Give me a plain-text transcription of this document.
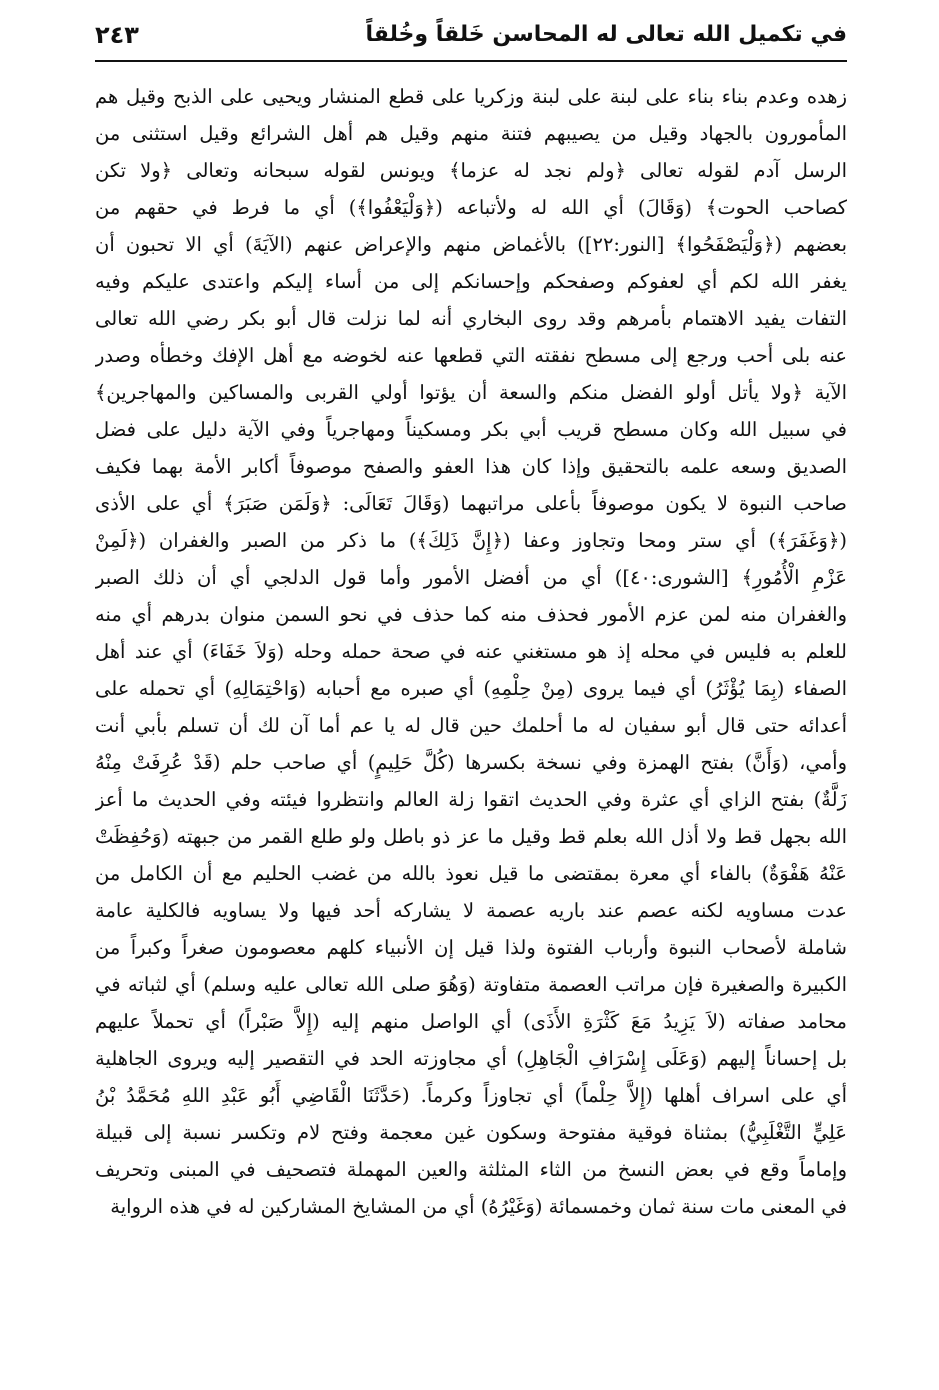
في تكميل الله تعالى له المحاسن خَلقاً وخُلقاً
٢٤٣
زهده وعدم بناء بناء على لبنة على لبنة وزكريا على قطع المنشار ويحيى على الذبح وقيل هم
المأمورون بالجهاد وقيل من يصيبهم فتنة منهم وقيل هم أهل الشرائع وقيل استثنى من
الرسل آدم لقوله تعالى ﴿ولم نجد له عزما﴾ ويونس لقوله سبحانه وتعالى ﴿ولا تكن
كصاحب الحوت﴾ (وَقَالَ) أي الله له ولأتباعه (﴿وَلْيَعْفُوا﴾) أي ما فرط في حقهم من
بعضهم (﴿وَلْيَصْفَحُوا﴾ [النور:٢٢]) بالأغماض منهم والإعراض عنهم (الآيَةَ) أي الا تحبون أن
يغفر الله لكم أي لعفوكم وصفحكم وإحسانكم إلى من أساء إليكم واعتدى عليكم وفيه
التفات يفيد الاهتمام بأمرهم وقد روى البخاري أنه لما نزلت قال أبو بكر رضي الله تعالى
عنه بلى أحب ورجع إلى مسطح نفقته التي قطعها عنه لخوضه مع أهل الإفك وخطأه وصدر
الآية ﴿ولا يأتل أولو الفضل منكم والسعة أن يؤتوا أولي القربى والمساكين والمهاجرين﴾
في سبيل الله وكان مسطح قريب أبي بكر ومسكيناً ومهاجرياً وفي الآية دليل على فضل
الصديق وسعه علمه بالتحقيق وإذا كان هذا العفو والصفح موصوفاً أكابر الأمة بهما فكيف
صاحب النبوة لا يكون موصوفاً بأعلى مراتبهما (وَقَالَ تَعَالَى: ﴿وَلَمَن صَبَرَ﴾ أي على الأذى
(﴿وَغَفَرَ﴾) أي ستر ومحا وتجاوز وعفا (﴿إِنَّ ذَلِكَ﴾) ما ذكر من الصبر والغفران (﴿لَمِنْ
عَزْمِ الْأُمُورِ﴾ [الشورى:٤٠]) أي من أفضل الأمور وأما قول الدلجي أي أن ذلك الصبر
والغفران منه لمن عزم الأمور فحذف منه كما حذف في نحو السمن منوان بدرهم أي منه
للعلم به فليس في محله إذ هو مستغني عنه في صحة حمله وحله (وَلاَ خَفَاءَ) أي عند أهل
الصفاء (بِمَا يُؤْثَرُ) أي فيما يروى (مِنْ حِلْمِهِ) أي صبره مع أحبابه (وَاحْتِمَالِهِ) أي تحمله على
أعدائه حتى قال أبو سفيان له ما أحلمك حين قال له يا عم أما آن لك أن تسلم بأبي أنت
وأمي، (وَأَنَّ) بفتح الهمزة وفي نسخة بكسرها (كُلَّ حَلِيمٍ) أي صاحب حلم (قَدْ عُرِفَتْ مِنْهُ
زَلَّةٌ) بفتح الزاي أي عثرة وفي الحديث اتقوا زلة العالم وانتظروا فيئته وفي الحديث ما أعز
الله بجهل قط ولا أذل الله بعلم قط وقيل ما عز ذو باطل ولو طلع القمر من جبهته (وَحُفِظَتْ
عَنْهُ هَفْوَةٌ) بالفاء أي معرة بمقتضى ما قيل نعوذ بالله من غضب الحليم مع أن الكامل من
عدت مساويه لكنه عصم عند باريه عصمة لا يشاركه أحد فيها ولا يساويه فالكلية عامة
شاملة لأصحاب النبوة وأرباب الفتوة ولذا قيل إن الأنبياء كلهم معصومون صغراً وكبراً من
الكبيرة والصغيرة فإن مراتب العصمة متفاوتة (وَهُوَ صلى الله تعالى عليه وسلم) أي لثباته في
محامد صفاته (لاَ يَزِيدُ مَعَ كَثْرَةِ الأَذَى) أي الواصل منهم إليه (إِلاَّ صَبْراً) أي تحملاً عليهم
بل إحساناً إليهم (وَعَلَى إِسْرَافِ الْجَاهِلِ) أي مجاوزته الحد في التقصير إليه ويروى الجاهلية
أي على اسراف أهلها (إِلاَّ حِلْماً) أي تجاوزاً وكرماً. (حَدَّثَنَا الْقَاضِي أَبُو عَبْدِ اللهِ مُحَمَّدُ بْنُ
عَلِيٍّ التَّغْلَبِيُّ) بمثناة فوقية مفتوحة وسكون غين معجمة وفتح لام وتكسر نسبة إلى قبيلة
وإماماً وقع في بعض النسخ من الثاء المثلثة والعين المهملة فتصحيف في المبنى وتحريف
في المعنى مات سنة ثمان وخمسمائة (وَغَيْرُهُ) أي من المشايخ المشاركين له في هذه الرواية
